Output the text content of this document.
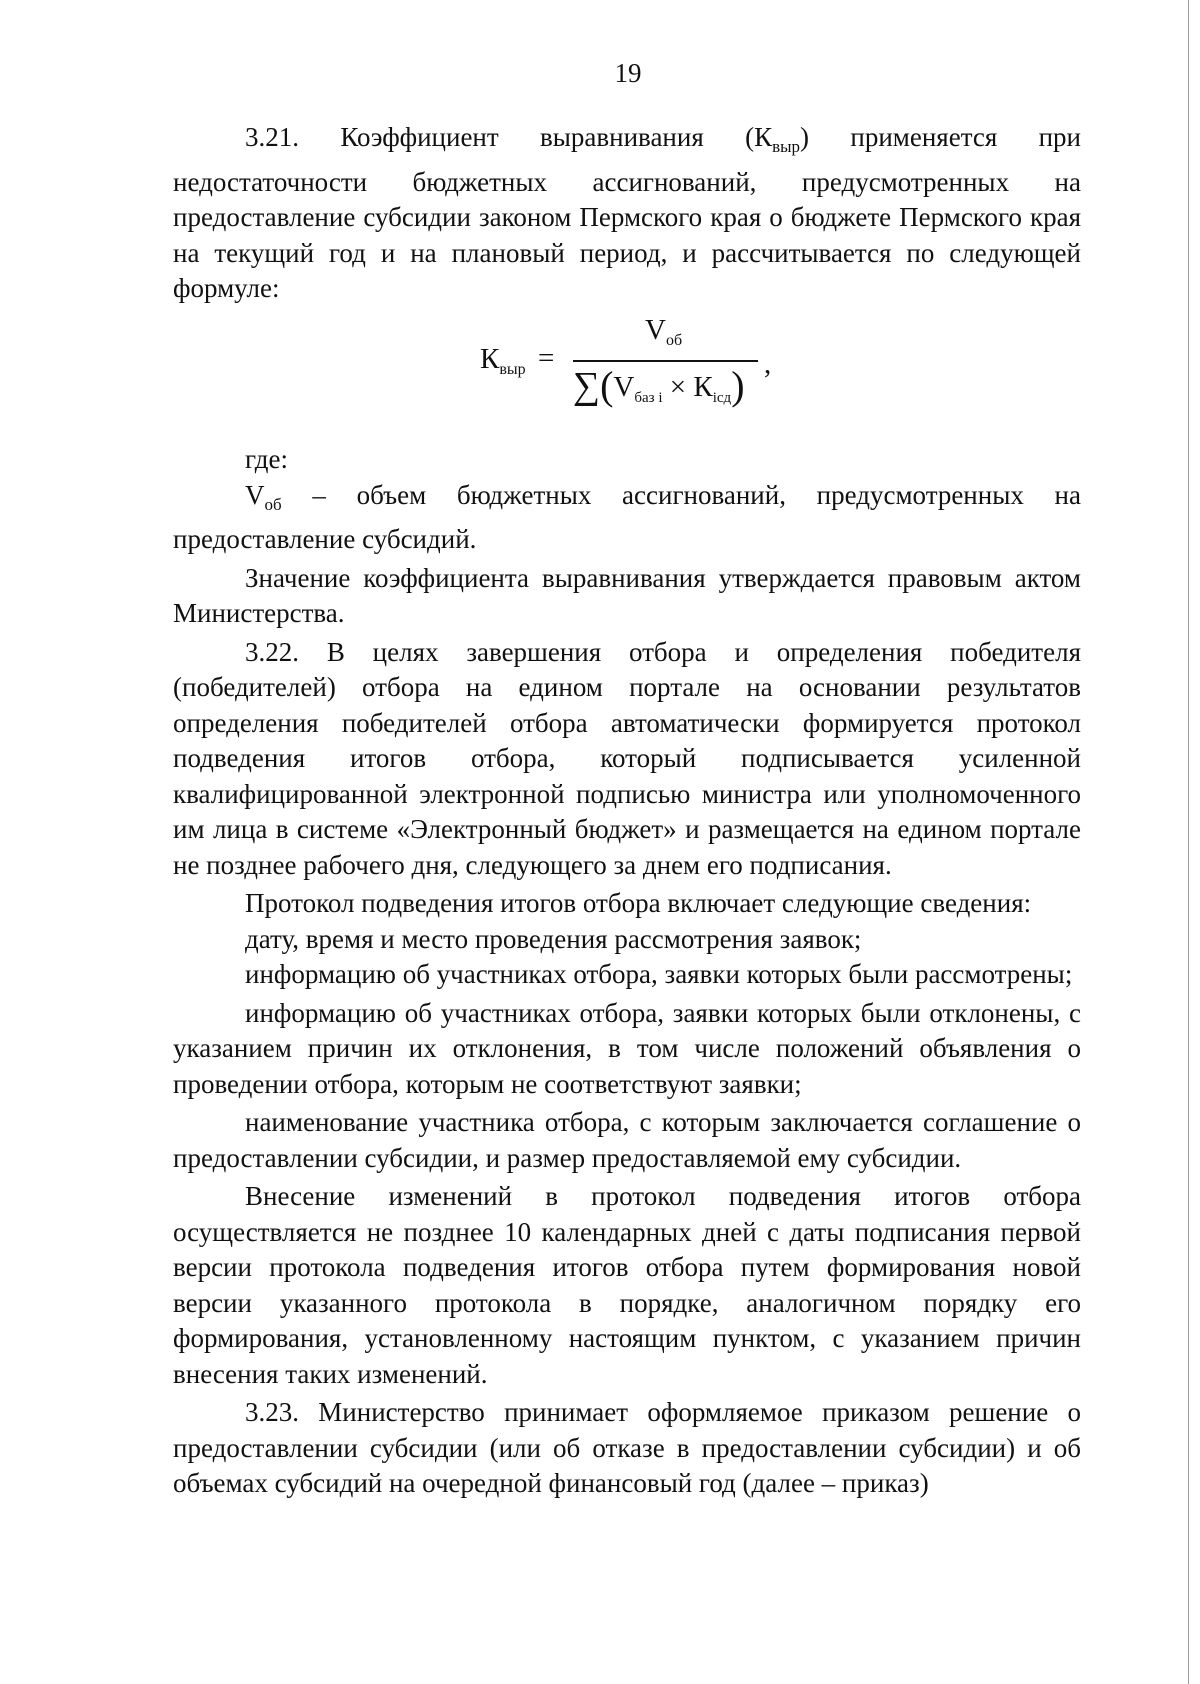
19

3.21. Коэффициент выравнивания $(К_{выр})$ применяется при недостаточности бюджетных ассигнований, предусмотренных на предоставление субсидии законом Пермского края о бюджете Пермского края на текущий год и на плановый период, и рассчитывается по следующей формуле:

$К_{выр}$ =
$V_{об}$
$\sum(V_{баз i} \times К_{iсд})$ ,

где:

$V_{об}$ – объем бюджетных ассигнований, предусмотренных на предоставление субсидий.

Значение коэффициента выравнивания утверждается правовым актом Министерства.

3.22. В целях завершения отбора и определения победителя (победителей) отбора на едином портале на основании результатов определения победителей отбора автоматически формируется протокол подведения итогов отбора, который подписывается усиленной квалифицированной электронной подписью министра или уполномоченного им лица в системе «Электронный бюджет» и размещается на едином портале не позднее рабочего дня, следующего за днем его подписания.

Протокол подведения итогов отбора включает следующие сведения:

дату, время и место проведения рассмотрения заявок;

информацию об участниках отбора, заявки которых были рассмотрены;

информацию об участниках отбора, заявки которых были отклонены, с указанием причин их отклонения, в том числе положений объявления о проведении отбора, которым не соответствуют заявки;

наименование участника отбора, с которым заключается соглашение о предоставлении субсидии, и размер предоставляемой ему субсидии.

Внесение изменений в протокол подведения итогов отбора осуществляется не позднее 10 календарных дней с даты подписания первой версии протокола подведения итогов отбора путем формирования новой версии указанного протокола в порядке, аналогичном порядку его формирования, установленному настоящим пунктом, с указанием причин внесения таких изменений.

3.23. Министерство принимает оформляемое приказом решение о предоставлении субсидии (или об отказе в предоставлении субсидии) и об объемах субсидий на очередной финансовый год (далее – приказ)
